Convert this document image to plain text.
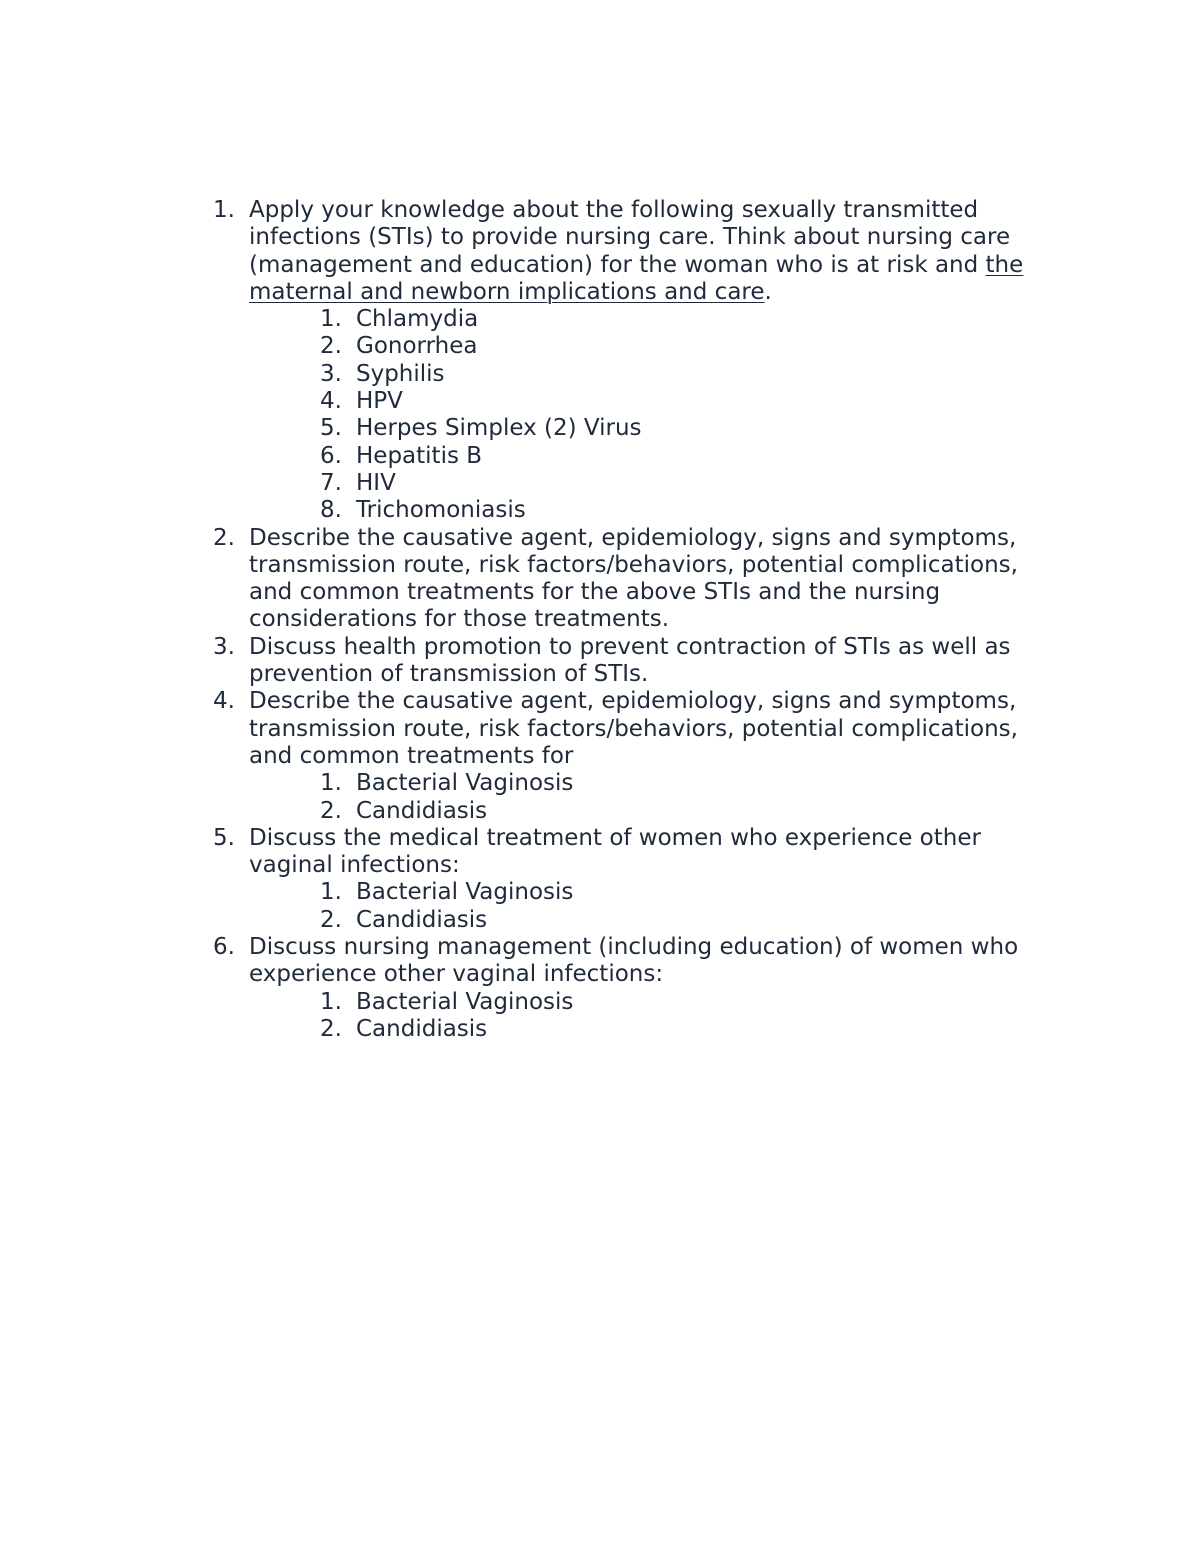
1. Apply your knowledge about the following sexually transmitted infections (STIs) to provide nursing care. Think about nursing care (management and education) for the woman who is at risk and the maternal and newborn implications and care.
1. Chlamydia
2. Gonorrhea
3. Syphilis
4. HPV
5. Herpes Simplex (2) Virus
6. Hepatitis B
7. HIV
8. Trichomoniasis
2. Describe the causative agent, epidemiology, signs and symptoms, transmission route, risk factors/behaviors, potential complications, and common treatments for the above STIs and the nursing considerations for those treatments.
3. Discuss health promotion to prevent contraction of STIs as well as prevention of transmission of STIs.
4. Describe the causative agent, epidemiology, signs and symptoms, transmission route, risk factors/behaviors, potential complications, and common treatments for
1. Bacterial Vaginosis
2. Candidiasis
5. Discuss the medical treatment of women who experience other vaginal infections:
1. Bacterial Vaginosis
2. Candidiasis
6. Discuss nursing management (including education) of women who experience other vaginal infections:
1. Bacterial Vaginosis
2. Candidiasis
